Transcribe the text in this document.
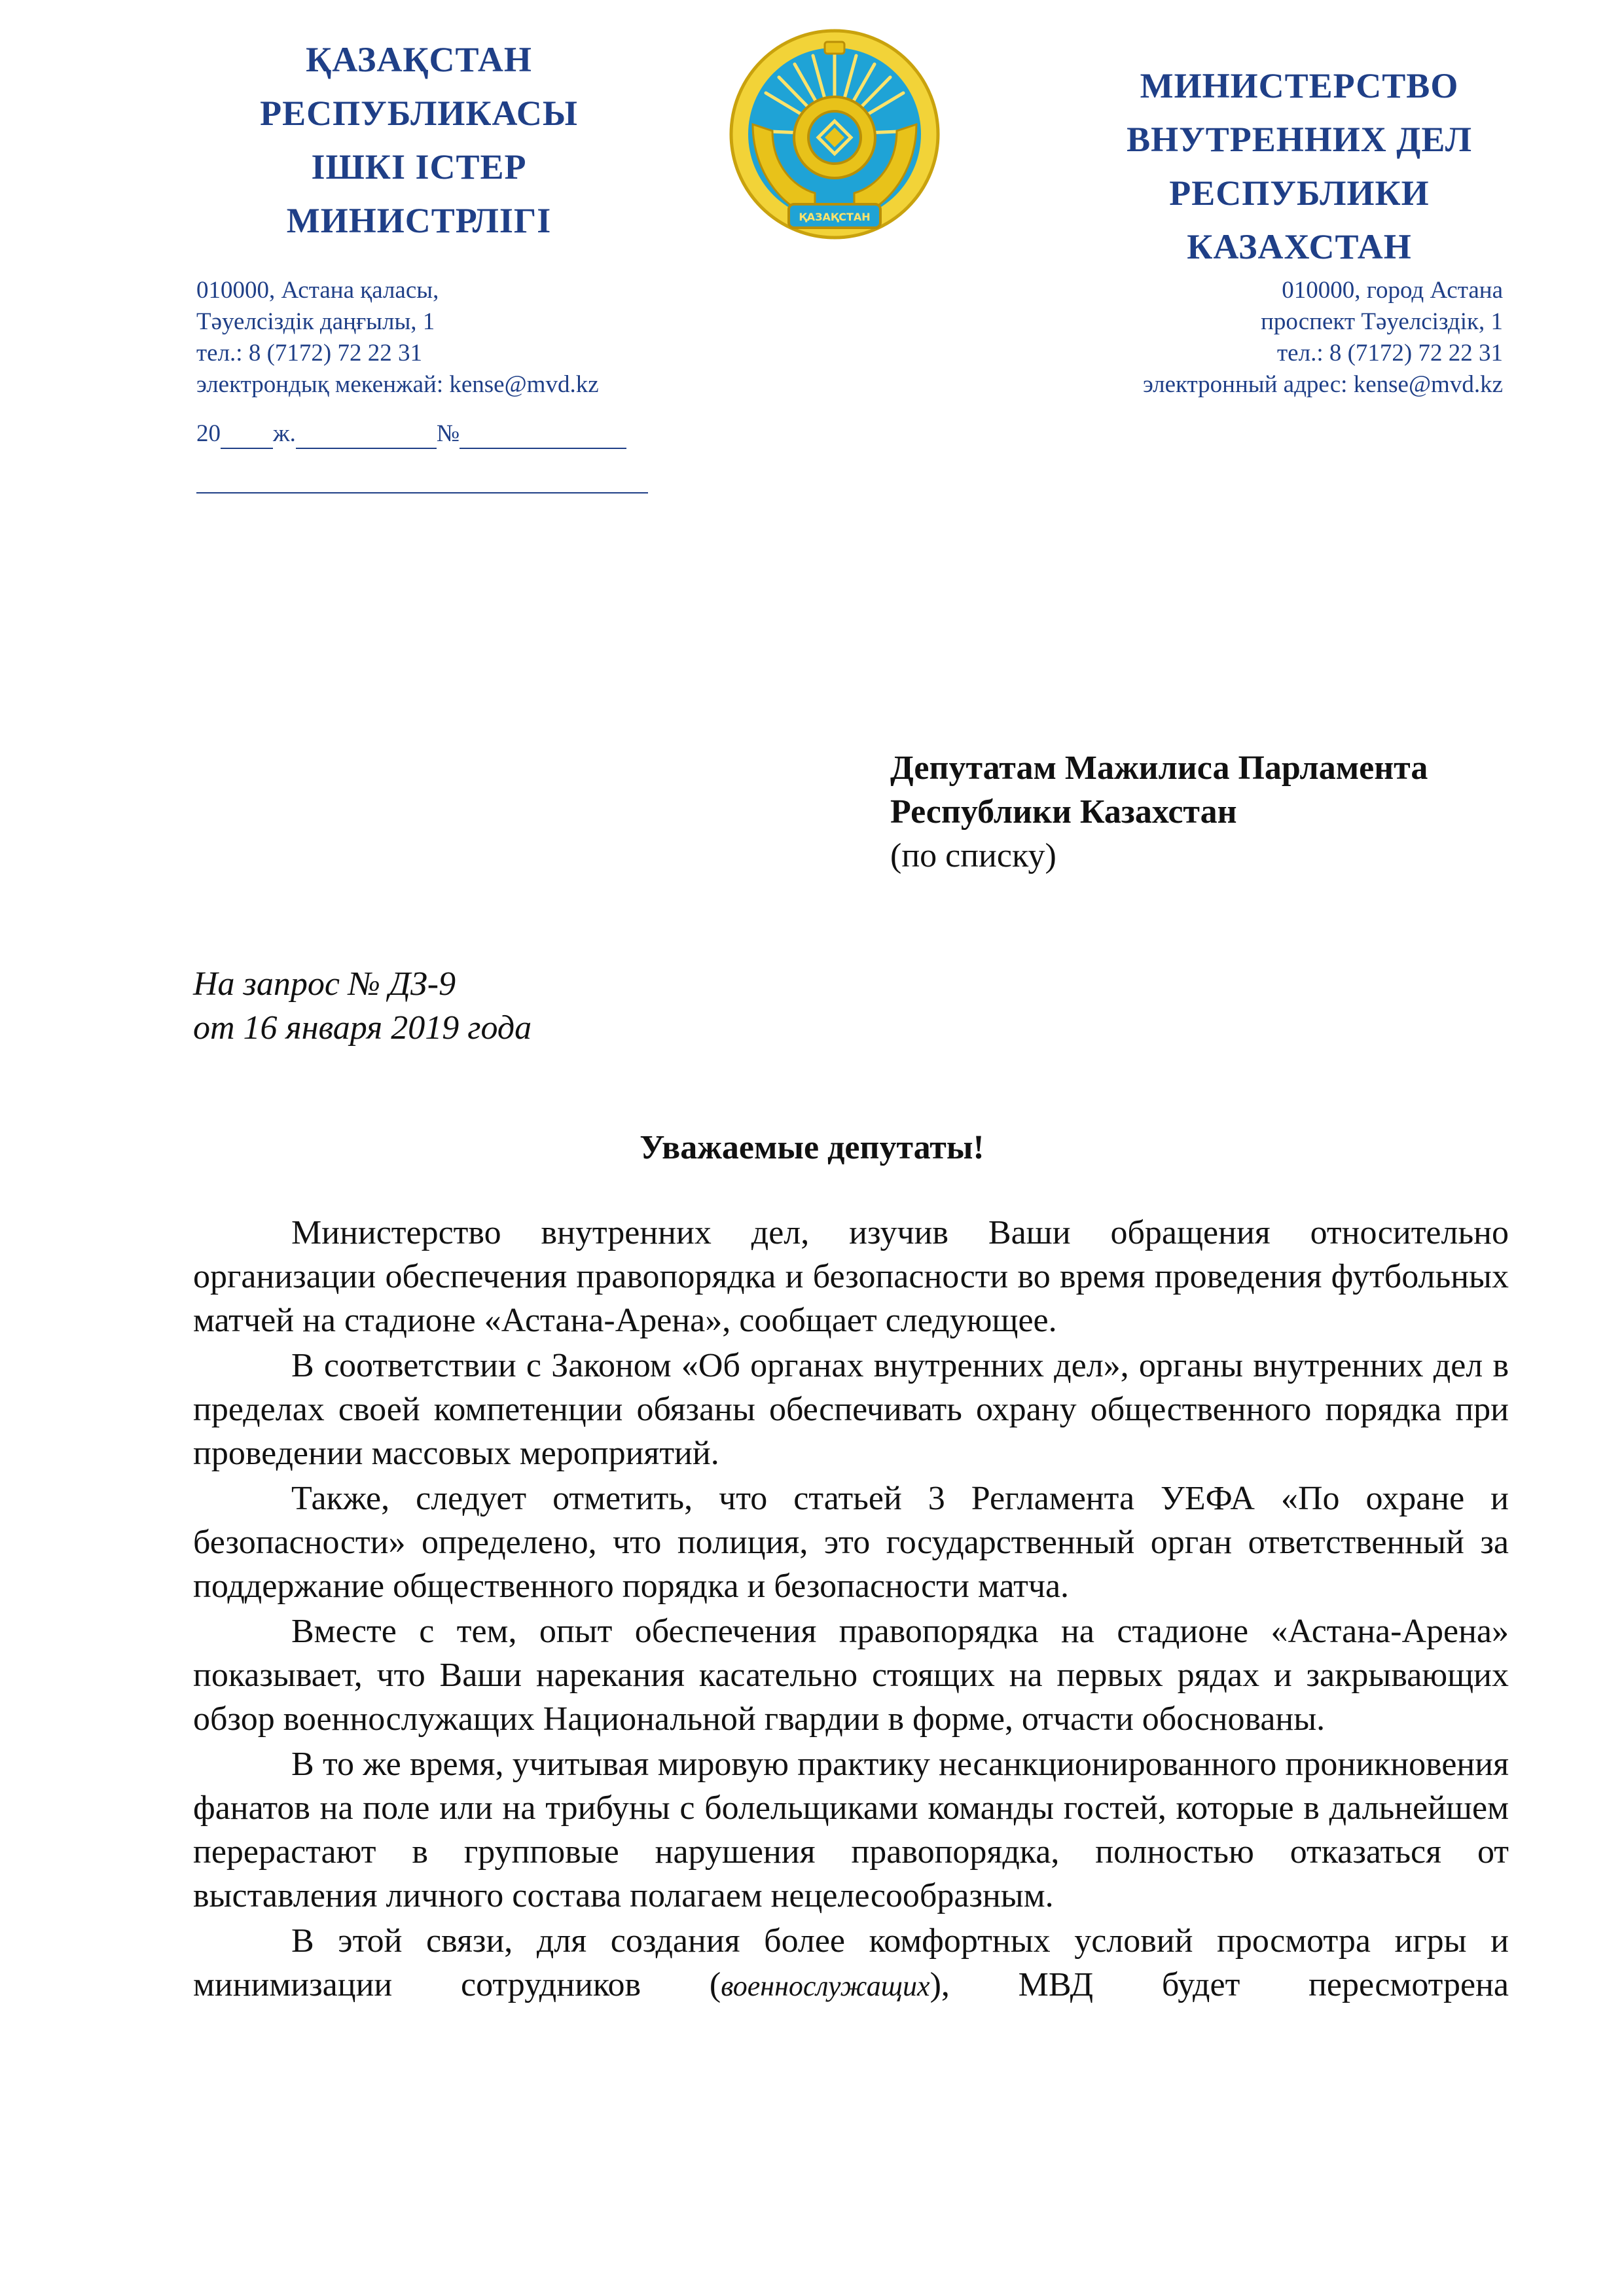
ҚАЗАҚСТАН
РЕСПУБЛИКАСЫ
ІШКІ ІСТЕР
МИНИСТРЛІГІ	ҚАЗАҚСТАН
МИНИСТЕРСТВО
ВНУТРЕННИХ ДЕЛ
РЕСПУБЛИКИ
КАЗАХСТАН
010000, Астана қаласы,
Тәуелсіздік даңғылы, 1
тел.: 8 (7172) 72 22 31
электрондық мекенжай: kense@mvd.kz
010000, город Астана
проспект Тәуелсіздік, 1
тел.: 8 (7172) 72 22 31
электронный адрес: kense@mvd.kz
20 ж.	№
Депутатам Мажилиса Парламента
Республики Казахстан
(по списку)
На запрос № ДЗ-9
от 16 января 2019 года
Уважаемые депутаты!

Министерство внутренних дел, изучив Ваши обращения относительно организации обеспечения правопорядка и безопасности во время проведения футбольных матчей на стадионе «Астана-Арена», сообщает следующее.

В соответствии с Законом «Об органах внутренних дел», органы внутренних дел в пределах своей компетенции обязаны обеспечивать охрану общественного порядка при проведении массовых мероприятий.

Также, следует отметить, что статьей 3 Регламента УЕФА «По охране и безопасности» определено, что полиция, это государственный орган ответственный за поддержание общественного порядка и безопасности матча.

Вместе с тем, опыт обеспечения правопорядка на стадионе «Астана-Арена» показывает, что Ваши нарекания касательно стоящих на первых рядах и закрывающих обзор военнослужащих Национальной гвардии в форме, отчасти обоснованы.

В то же время, учитывая мировую практику несанкционированного проникновения фанатов на поле или на трибуны с болельщиками команды гостей, которые в дальнейшем перерастают в групповые нарушения правопорядка, полностью отказаться от выставления личного состава полагаем нецелесообразным.

В этой связи, для создания более комфортных условий просмотра игры и минимизации сотрудников (военнослужащих), МВД будет пересмотрена
